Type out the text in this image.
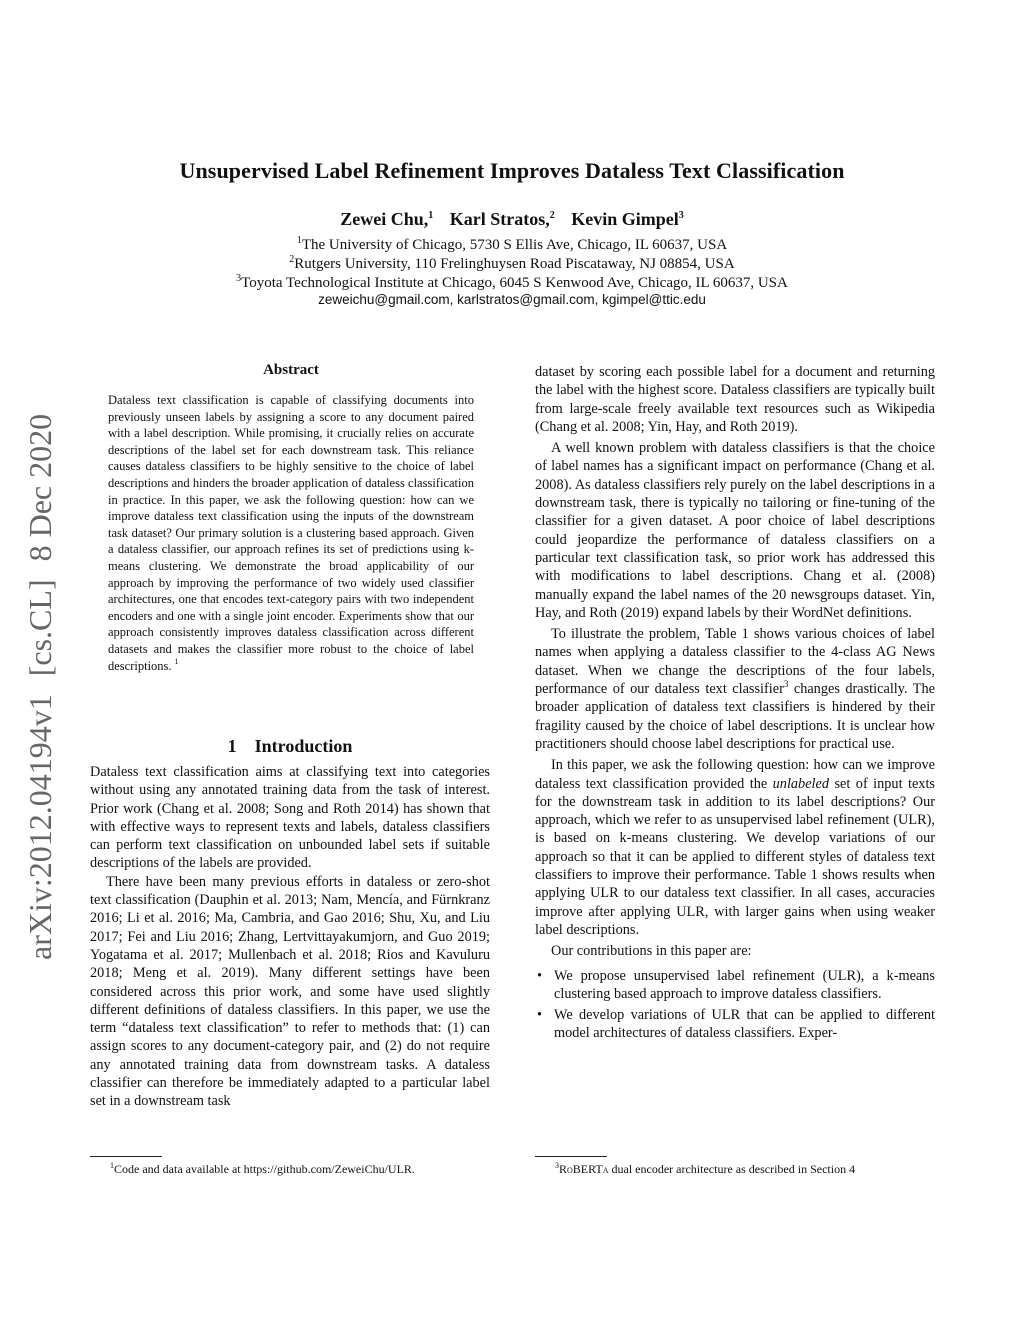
Unsupervised Label Refinement Improves Dataless Text Classification
Zewei Chu,$^1$ Karl Stratos,$^2$ Kevin Gimpel$^3$
$^1$The University of Chicago, 5730 S Ellis Ave, Chicago, IL 60637, USA
$^2$Rutgers University, 110 Frelinghuysen Road Piscataway, NJ 08854, USA
$^3$Toyota Technological Institute at Chicago, 6045 S Kenwood Ave, Chicago, IL 60637, USA
zeweichu@gmail.com, karlstratos@gmail.com, kgimpel@ttic.edu
arXiv:2012.04194v1[cs.CL]8 Dec 2020
Abstract
Dataless text classification is capable of classifying documents into previously unseen labels by assigning a score to any document paired with a label description. While promising, it crucially relies on accurate descriptions of the label set for each downstream task. This reliance causes dataless classifiers to be highly sensitive to the choice of label descriptions and hinders the broader application of dataless classification in practice. In this paper, we ask the following question: how can we improve dataless text classification using the inputs of the downstream task dataset? Our primary solution is a clustering based approach. Given a dataless classifier, our approach refines its set of predictions using k-means clustering. We demonstrate the broad applicability of our approach by improving the performance of two widely used classifier architectures, one that encodes text-category pairs with two independent encoders and one with a single joint encoder. Experiments show that our approach consistently improves dataless classification across different datasets and makes the classifier more robust to the choice of label descriptions. $^1$
1 Introduction

Dataless text classification aims at classifying text into categories without using any annotated training data from the task of interest. Prior work (Chang et al. 2008; Song and Roth 2014) has shown that with effective ways to represent texts and labels, dataless classifiers can perform text classification on unbounded label sets if suitable descriptions of the labels are provided.

There have been many previous efforts in dataless or zero-shot text classification (Dauphin et al. 2013; Nam, Mencía, and Fürnkranz 2016; Li et al. 2016; Ma, Cambria, and Gao 2016; Shu, Xu, and Liu 2017; Fei and Liu 2016; Zhang, Lertvittayakumjorn, and Guo 2019; Yogatama et al. 2017; Mullenbach et al. 2018; Rios and Kavuluru 2018; Meng et al. 2019). Many different settings have been considered across this prior work, and some have used slightly different definitions of dataless classifiers. In this paper, we use the term “dataless text classification” to refer to methods that: (1) can assign scores to any document-category pair, and (2) do not require any annotated training data from downstream tasks. A dataless classifier can therefore be immediately adapted to a particular label set in a downstream task

dataset by scoring each possible label for a document and returning the label with the highest score. Dataless classifiers are typically built from large-scale freely available text resources such as Wikipedia (Chang et al. 2008; Yin, Hay, and Roth 2019).

A well known problem with dataless classifiers is that the choice of label names has a significant impact on performance (Chang et al. 2008). As dataless classifiers rely purely on the label descriptions in a downstream task, there is typically no tailoring or fine-tuning of the classifier for a given dataset. A poor choice of label descriptions could jeopardize the performance of dataless classifiers on a particular text classification task, so prior work has addressed this with modifications to label descriptions. Chang et al. (2008) manually expand the label names of the 20 newsgroups dataset. Yin, Hay, and Roth (2019) expand labels by their WordNet definitions.

To illustrate the problem, Table 1 shows various choices of label names when applying a dataless classifier to the 4-class AG News dataset. When we change the descriptions of the four labels, performance of our dataless text classifier$^3$ changes drastically. The broader application of dataless text classifiers is hindered by their fragility caused by the choice of label descriptions. It is unclear how practitioners should choose label descriptions for practical use.

In this paper, we ask the following question: how can we improve dataless text classification provided the unlabeled set of input texts for the downstream task in addition to its label descriptions? Our approach, which we refer to as unsupervised label refinement (ULR), is based on k-means clustering. We develop variations of our approach so that it can be applied to different styles of dataless text classifiers to improve their performance. Table 1 shows results when applying ULR to our dataless text classifier. In all cases, accuracies improve after applying ULR, with larger gains when using weaker label descriptions.

Our contributions in this paper are:

• We propose unsupervised label refinement (ULR), a k-means clustering based approach to improve dataless classifiers.
• We develop variations of ULR that can be applied to different model architectures of dataless classifiers. Exper-
$^1$Code and data available at https://github.com/ZeweiChu/ULR.	$^3$RoBERTa dual encoder architecture as described in Section 4
